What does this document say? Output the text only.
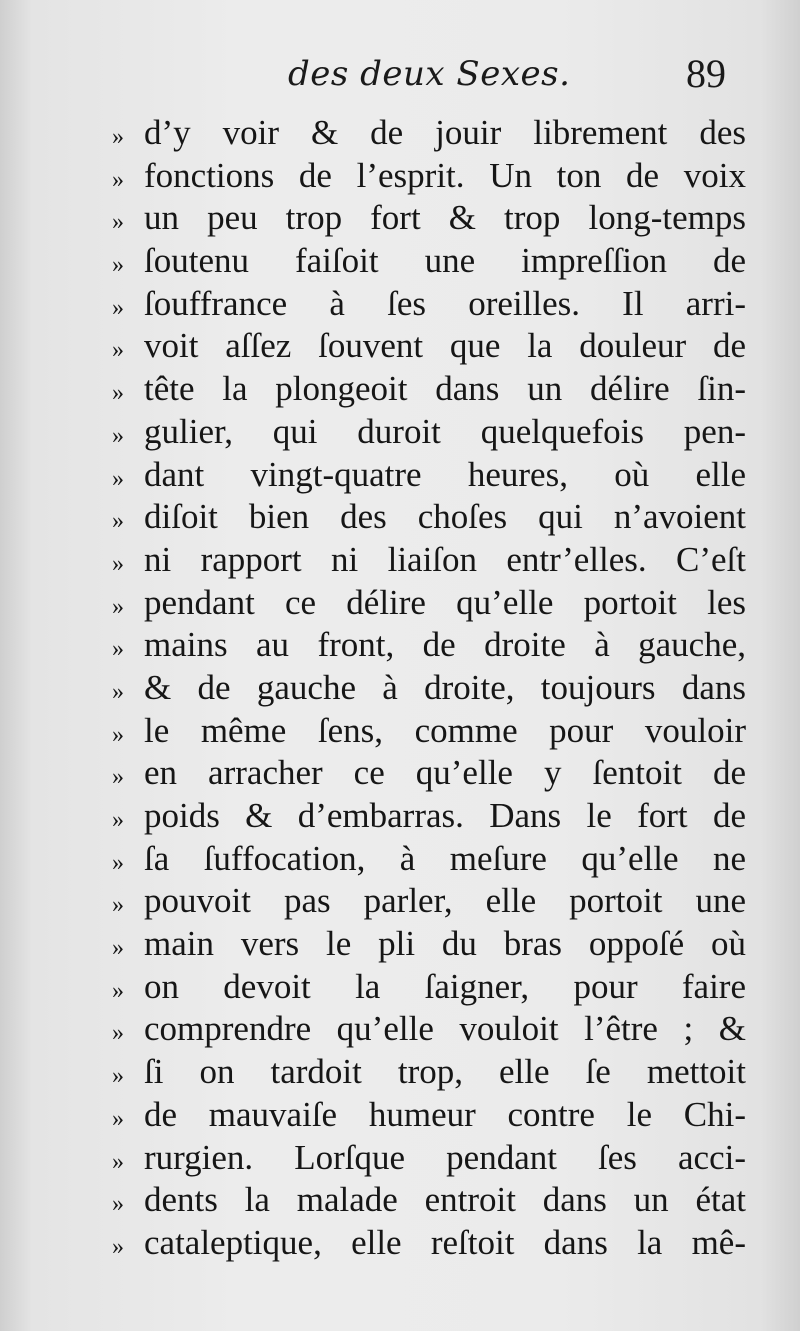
des deux Sexes.	89
» d’y voir & de jouir librement des
» fonctions de l’esprit. Un ton de voix
» un peu trop fort & trop long-temps
» ſoutenu faiſoit une impreſſion de
» ſouffrance à ſes oreilles. Il arri-
» voit aſſez ſouvent que la douleur de
» tête la plongeoit dans un délire ſin-
» gulier, qui duroit quelquefois pen-
» dant vingt-quatre heures, où elle
» diſoit bien des choſes qui n’avoient
» ni rapport ni liaiſon entr’elles. C’eſt
» pendant ce délire qu’elle portoit les
» mains au front, de droite à gauche,
» & de gauche à droite, toujours dans
» le même ſens, comme pour vouloir
» en arracher ce qu’elle y ſentoit de
» poids & d’embarras. Dans le fort de
» ſa ſuffocation, à meſure qu’elle ne
» pouvoit pas parler, elle portoit une
» main vers le pli du bras oppoſé où
» on devoit la ſaigner, pour faire
» comprendre qu’elle vouloit l’être ; &
» ſi on tardoit trop, elle ſe mettoit
» de mauvaiſe humeur contre le Chi-
» rurgien. Lorſque pendant ſes acci-
» dents la malade entroit dans un état
» cataleptique, elle reſtoit dans la mê-
